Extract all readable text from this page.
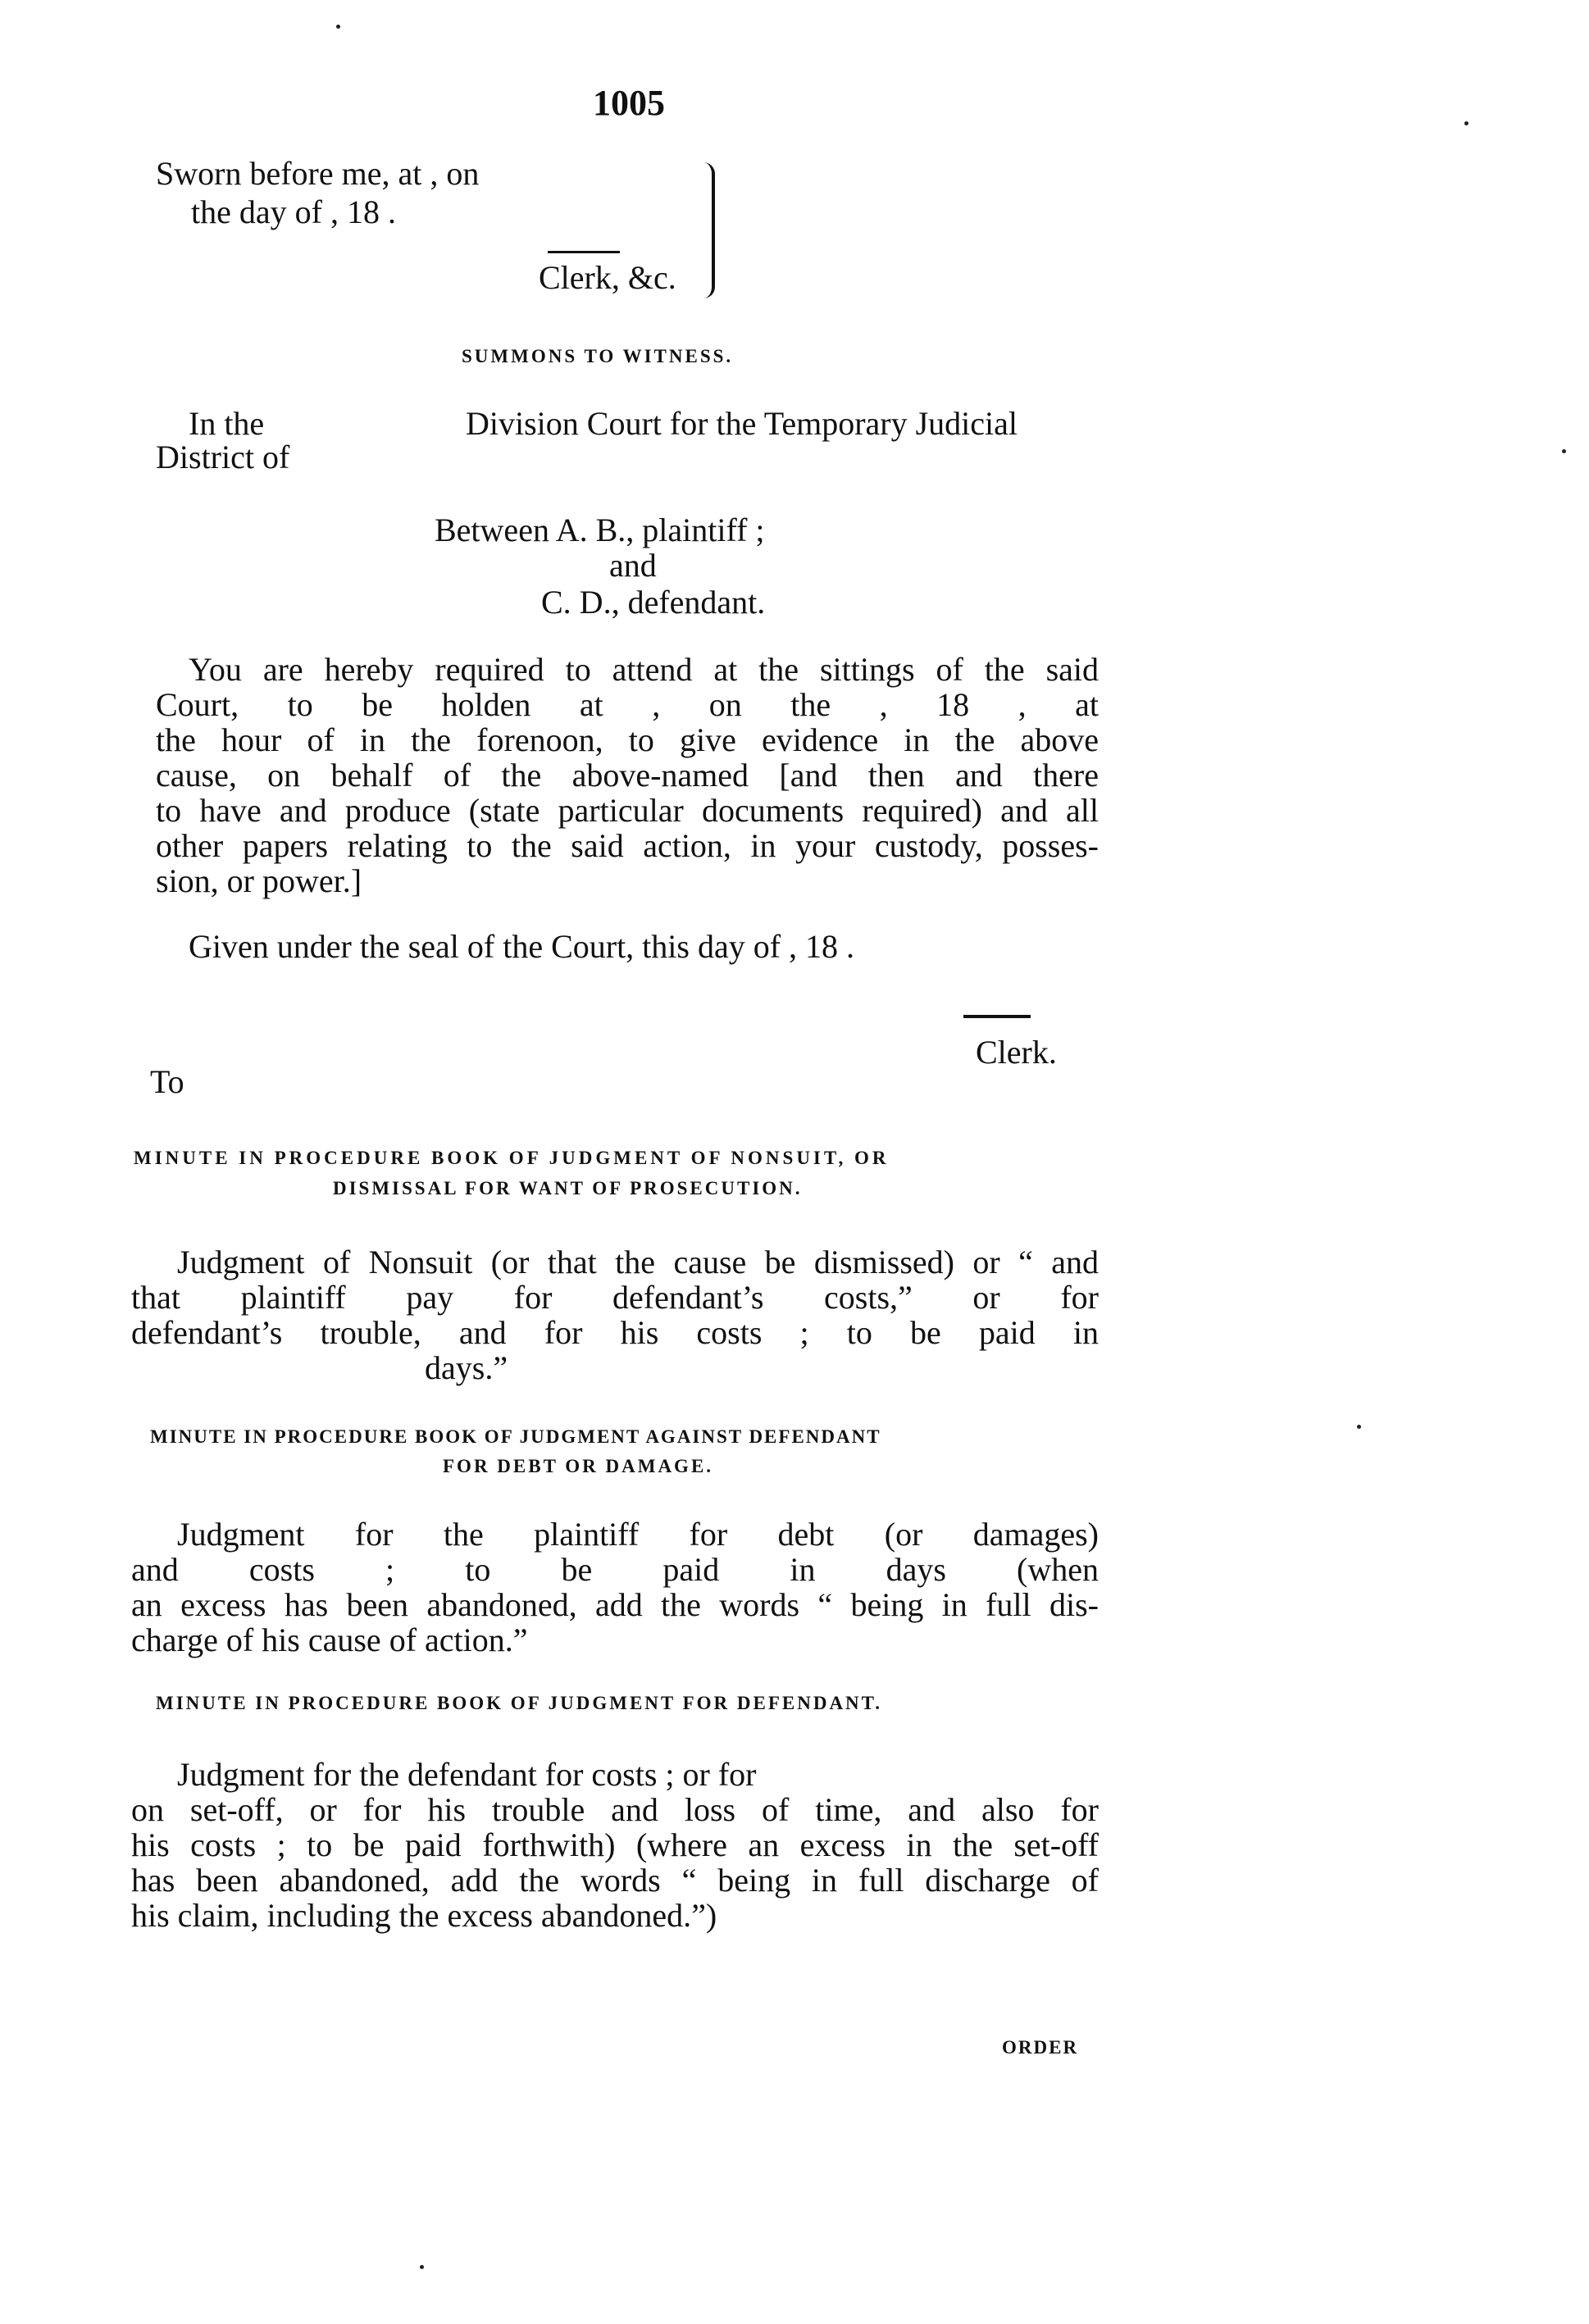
1005
Sworn before me, at , on
the day of , 18 .
Clerk, &c.
SUMMONS TO WITNESS.
In the
District of
Division Court for the Temporary Judicial
Between A. B., plaintiff ;
and
C. D., defendant.
You are hereby required to attend at the sittings of the said
Court, to be holden at , on the , 18 , at
the hour of in the forenoon, to give evidence in the above
cause, on behalf of the above-named [and then and there
to have and produce (state particular documents required) and all
other papers relating to the said action, in your custody, posses-
sion, or power.]
Given under the seal of the Court, this day of , 18 .
Clerk.
To
MINUTE IN PROCEDURE BOOK OF JUDGMENT OF NONSUIT, OR
DISMISSAL FOR WANT OF PROSECUTION.
Judgment of Nonsuit (or that the cause be dismissed) or “ and
that plaintiff pay for defendant’s costs,” or for
defendant’s trouble, and for his costs ; to be paid in
days.”
MINUTE IN PROCEDURE BOOK OF JUDGMENT AGAINST DEFENDANT
FOR DEBT OR DAMAGE.
Judgment for the plaintiff for debt (or damages)
and costs ; to be paid in days (when
an excess has been abandoned, add the words “ being in full dis-
charge of his cause of action.”
MINUTE IN PROCEDURE BOOK OF JUDGMENT FOR DEFENDANT.
Judgment for the defendant for costs ; or for
on set-off, or for his trouble and loss of time, and also for
his costs ; to be paid forthwith) (where an excess in the set-off
has been abandoned, add the words “ being in full discharge of
his claim, including the excess abandoned.”)
ORDER
